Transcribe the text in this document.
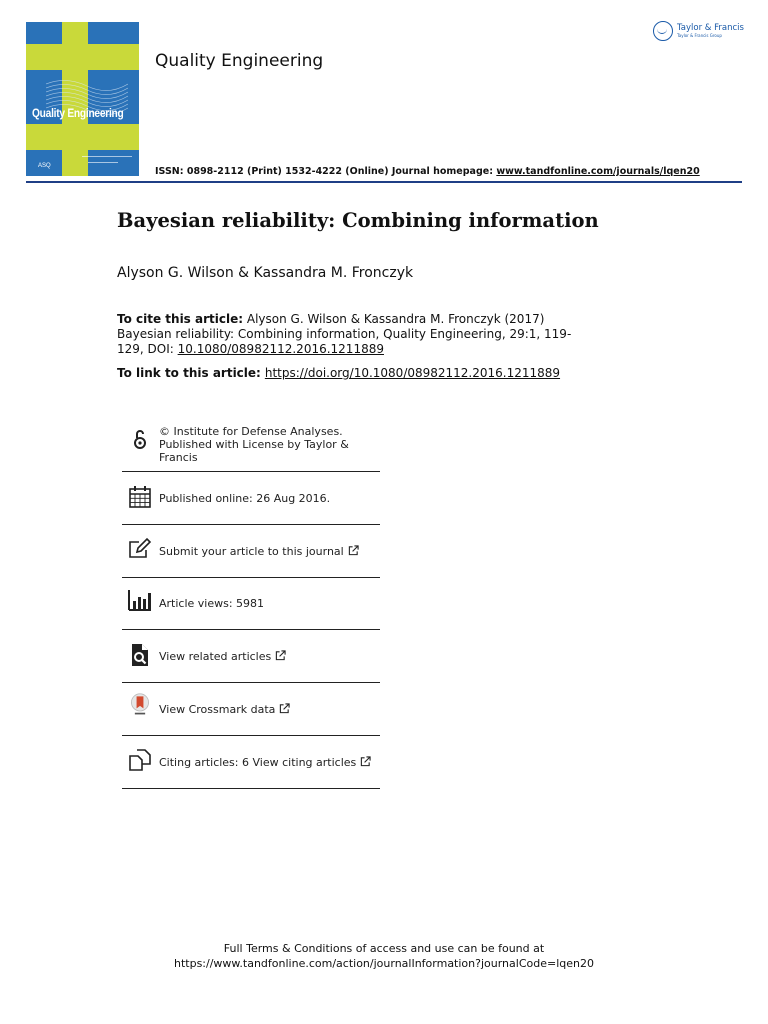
Quality Engineering
ASQ
Quality Engineering
Taylor & Francis
Taylor & Francis Group
ISSN: 0898-2112 (Print) 1532-4222 (Online) Journal homepage: www.tandfonline.com/journals/lqen20
Bayesian reliability: Combining information
Alyson G. Wilson & Kassandra M. Fronczyk
To cite this article: Alyson G. Wilson & Kassandra M. Fronczyk (2017) Bayesian reliability: Combining information, Quality Engineering, 29:1, 119-129, DOI: 10.1080/08982112.2016.1211889
To link to this article: https://doi.org/10.1080/08982112.2016.1211889
© Institute for Defense Analyses. Published with License by Taylor & Francis
Published online: 26 Aug 2016.
Submit your article to this journal
Article views: 5981
View related articles
View Crossmark data
Citing articles: 6 View citing articles
Full Terms & Conditions of access and use can be found at
https://www.tandfonline.com/action/journalInformation?journalCode=lqen20
